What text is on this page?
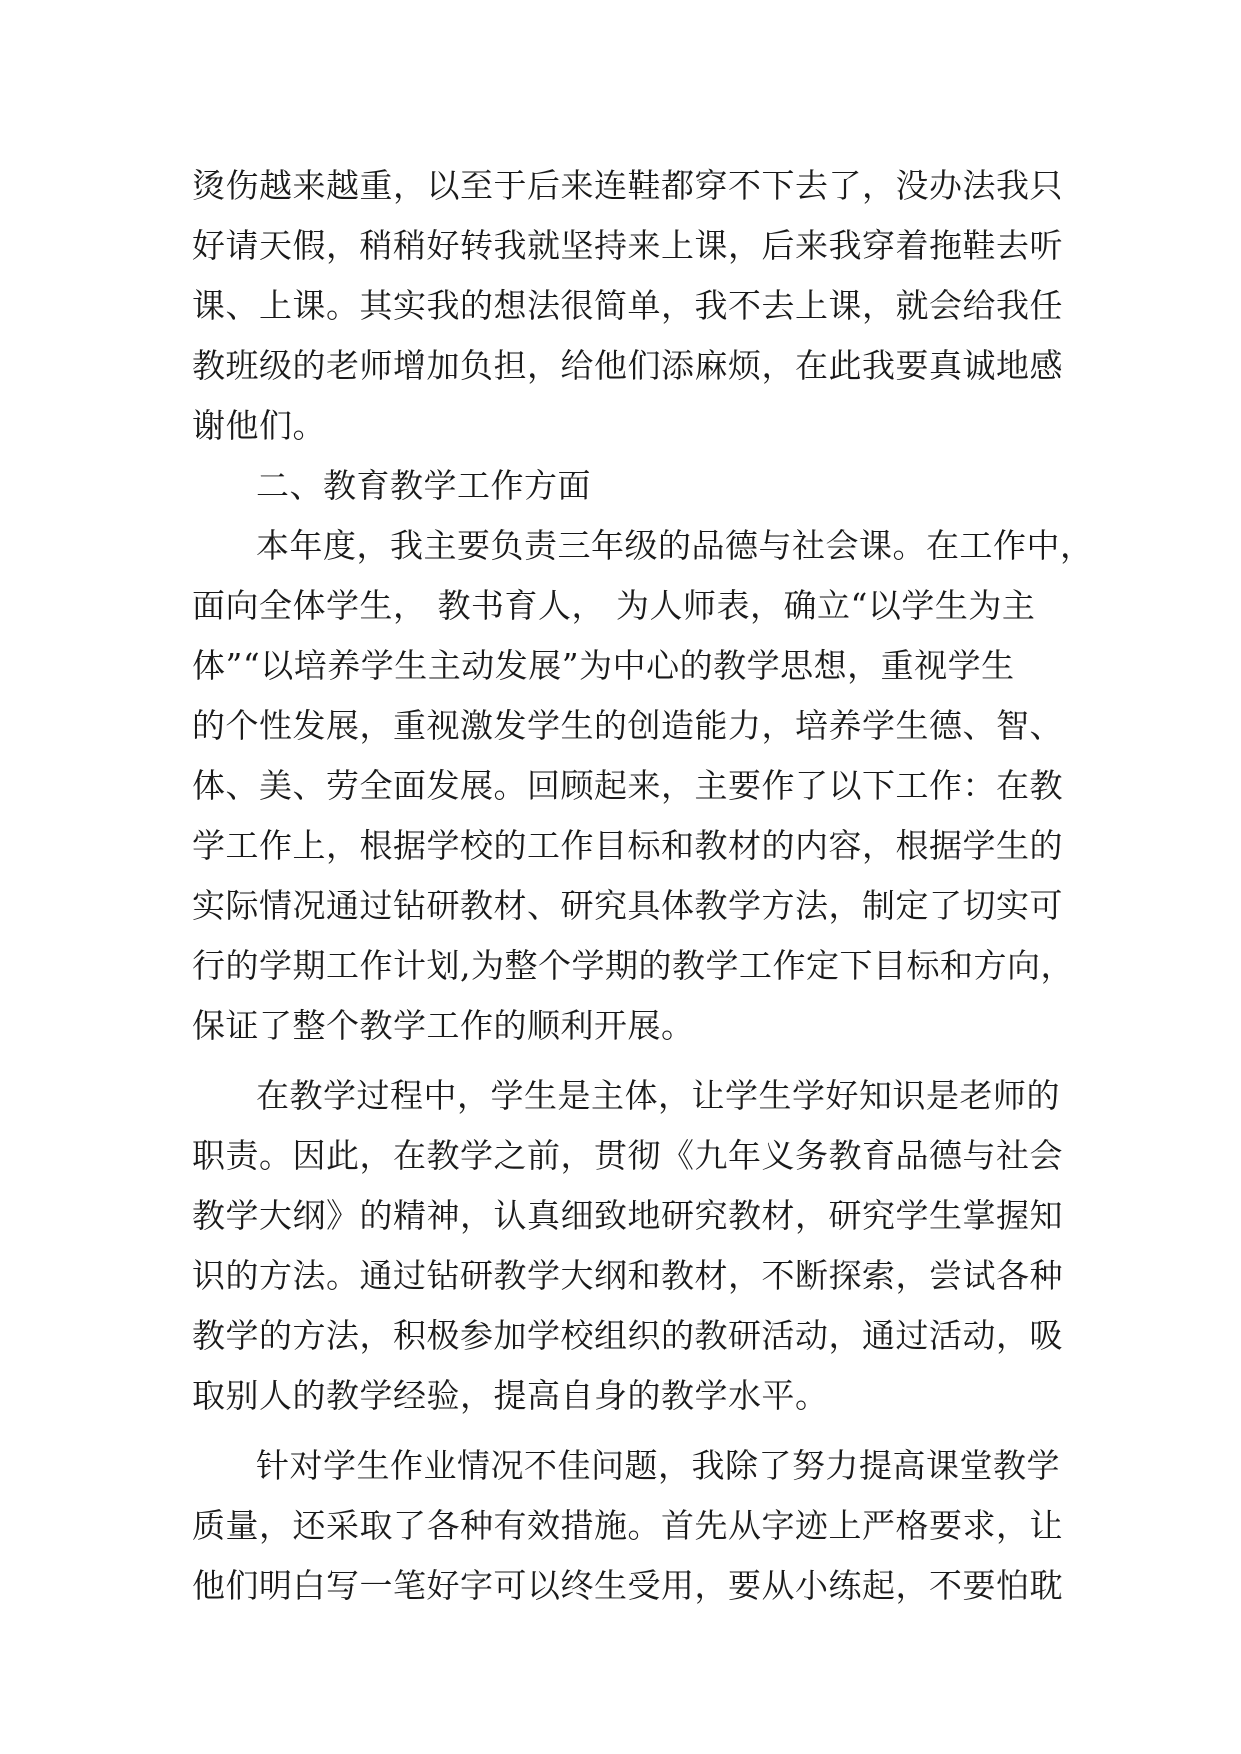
烫伤越来越重，以至于后来连鞋都穿不下去了，没办法我只
好请天假，稍稍好转我就坚持来上课，后来我穿着拖鞋去听
课、上课。其实我的想法很简单，我不去上课，就会给我任
教班级的老师增加负担，给他们添麻烦，在此我要真诚地感
谢他们。
二、教育教学工作方面
本年度，我主要负责三年级的品德与社会课。在工作中，
面向全体学生， 教书育人， 为人师表，确立“以学生为主
体”“以培养学生主动发展”为中心的教学思想，重视学生
的个性发展，重视激发学生的创造能力，培养学生德、智、
体、美、劳全面发展。回顾起来，主要作了以下工作：在教
学工作上，根据学校的工作目标和教材的内容，根据学生的
实际情况通过钻研教材、研究具体教学方法，制定了切实可
行的学期工作计划,为整个学期的教学工作定下目标和方向，
保证了整个教学工作的顺利开展。
在教学过程中，学生是主体，让学生学好知识是老师的
职责。因此，在教学之前，贯彻《九年义务教育品德与社会
教学大纲》的精神，认真细致地研究教材，研究学生掌握知
识的方法。通过钻研教学大纲和教材，不断探索，尝试各种
教学的方法，积极参加学校组织的教研活动，通过活动，吸
取别人的教学经验，提高自身的教学水平。
针对学生作业情况不佳问题，我除了努力提高课堂教学
质量，还采取了各种有效措施。首先从字迹上严格要求，让
他们明白写一笔好字可以终生受用，要从小练起，不要怕耽
